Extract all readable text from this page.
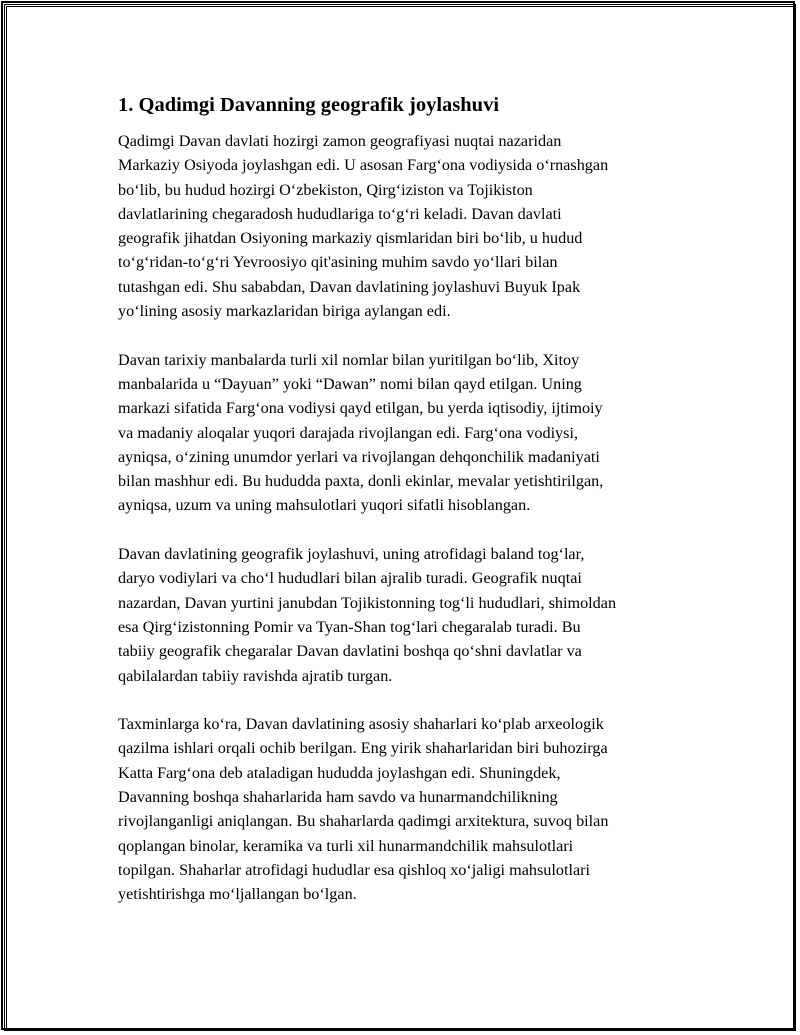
1. Qadimgi Davanning geografik joylashuvi

Qadimgi Davan davlati hozirgi zamon geografiyasi nuqtai nazaridan
Markaziy Osiyoda joylashgan edi. U asosan Farg‘ona vodiysida o‘rnashgan
bo‘lib, bu hudud hozirgi O‘zbekiston, Qirg‘iziston va Tojikiston
davlatlarining chegaradosh hududlariga to‘g‘ri keladi. Davan davlati
geografik jihatdan Osiyoning markaziy qismlaridan biri bo‘lib, u hudud
to‘g‘ridan-to‘g‘ri Yevroosiyo qit'asining muhim savdo yo‘llari bilan
tutashgan edi. Shu sababdan, Davan davlatining joylashuvi Buyuk Ipak
yo‘lining asosiy markazlaridan biriga aylangan edi.

Davan tarixiy manbalarda turli xil nomlar bilan yuritilgan bo‘lib, Xitoy
manbalarida u “Dayuan” yoki “Dawan” nomi bilan qayd etilgan. Uning
markazi sifatida Farg‘ona vodiysi qayd etilgan, bu yerda iqtisodiy, ijtimoiy
va madaniy aloqalar yuqori darajada rivojlangan edi. Farg‘ona vodiysi,
ayniqsa, o‘zining unumdor yerlari va rivojlangan dehqonchilik madaniyati
bilan mashhur edi. Bu hududda paxta, donli ekinlar, mevalar yetishtirilgan,
ayniqsa, uzum va uning mahsulotlari yuqori sifatli hisoblangan.

Davan davlatining geografik joylashuvi, uning atrofidagi baland tog‘lar,
daryo vodiylari va cho‘l hududlari bilan ajralib turadi. Geografik nuqtai
nazardan, Davan yurtini janubdan Tojikistonning tog‘li hududlari, shimoldan
esa Qirg‘izistonning Pomir va Tyan-Shan tog‘lari chegaralab turadi. Bu
tabiiy geografik chegaralar Davan davlatini boshqa qo‘shni davlatlar va
qabilalardan tabiiy ravishda ajratib turgan.

Taxminlarga ko‘ra, Davan davlatining asosiy shaharlari ko‘plab arxeologik
qazilma ishlari orqali ochib berilgan. Eng yirik shaharlaridan biri buhozirga
Katta Farg‘ona deb ataladigan hududda joylashgan edi. Shuningdek,
Davanning boshqa shaharlarida ham savdo va hunarmandchilikning
rivojlanganligi aniqlangan. Bu shaharlarda qadimgi arxitektura, suvoq bilan
qoplangan binolar, keramika va turli xil hunarmandchilik mahsulotlari
topilgan. Shaharlar atrofidagi hududlar esa qishloq xo‘jaligi mahsulotlari
yetishtirishga mo‘ljallangan bo‘lgan.
